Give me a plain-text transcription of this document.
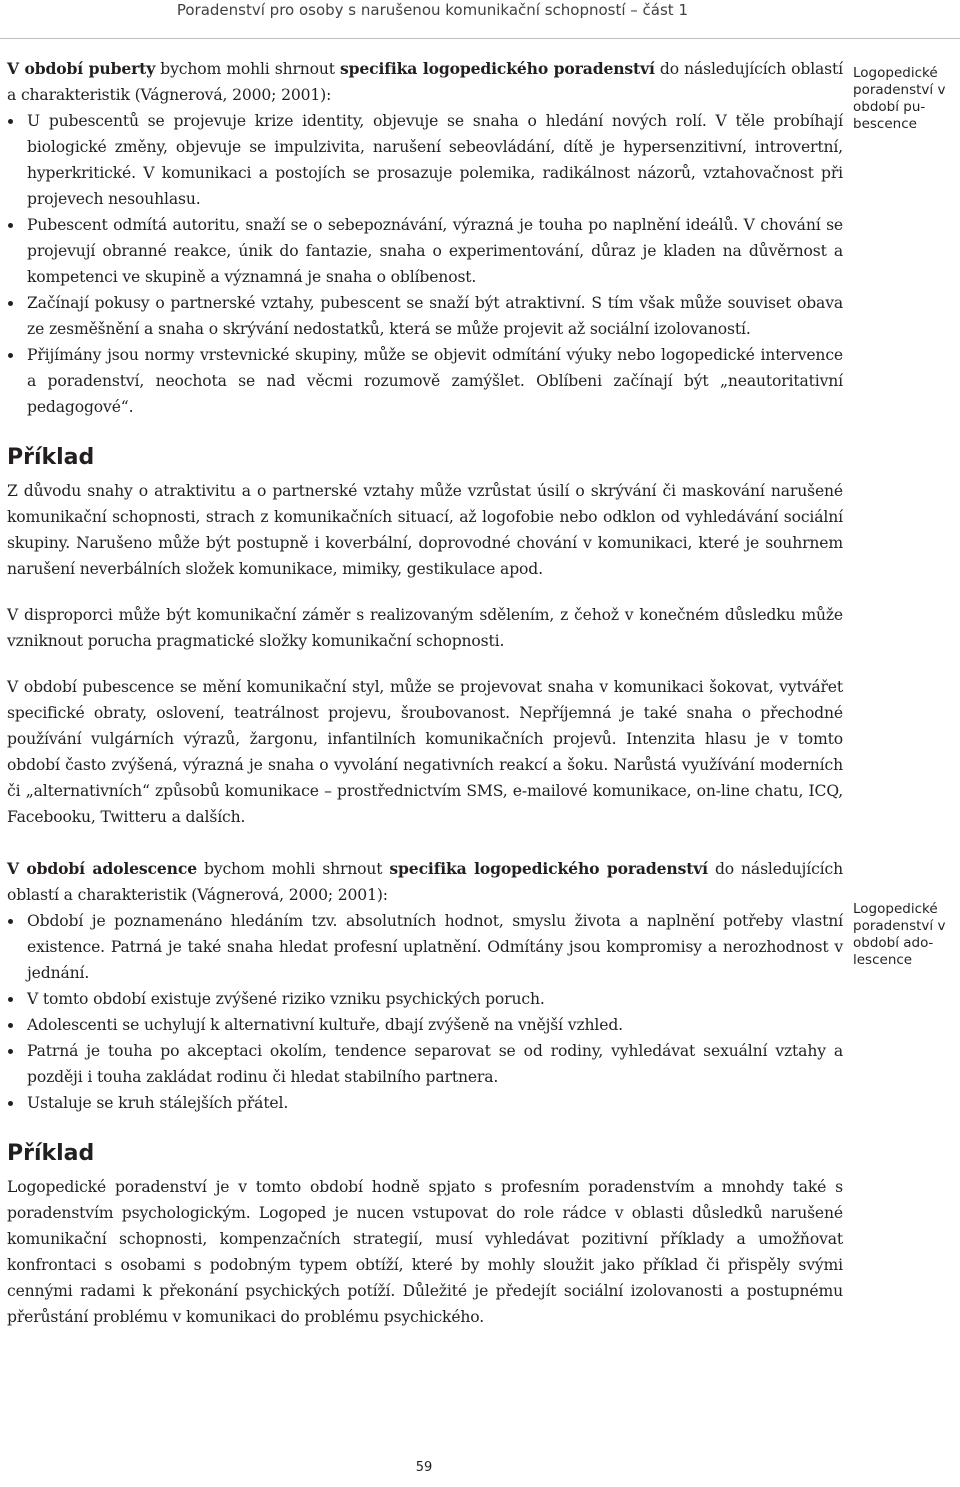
Poradenství pro osoby s narušenou komunikační schopností – část 1
Logopedické poradenství v období pubescence
Logopedické poradenství v období adolescence

V období puberty bychom mohli shrnout specifika logopedického poradenství do následujících oblastí a charakteristik (Vágnerová, 2000; 2001):

U pubescentů se projevuje krize identity, objevuje se snaha o hledání nových rolí. V těle probíhají biologické změny, objevuje se impulzivita, narušení sebeovládání, dítě je hypersenzitivní, introvertní, hyperkritické. V komunikaci a postojích se prosazuje polemika, radikálnost názorů, vztahovačnost při projevech nesouhlasu.
Pubescent odmítá autoritu, snaží se o sebepoznávání, výrazná je touha po naplnění ideálů. V chování se projevují obranné reakce, únik do fantazie, snaha o experimentování, důraz je kladen na důvěrnost a kompetenci ve skupině a významná je snaha o oblíbenost.
Začínají pokusy o partnerské vztahy, pubescent se snaží být atraktivní. S tím však může souviset obava ze zesměšnění a snaha o skrývání nedostatků, která se může projevit až sociální izolovaností.
Přijímány jsou normy vrstevnické skupiny, může se objevit odmítání výuky nebo logopedické intervence a poradenství, neochota se nad věcmi rozumově zamýšlet. Oblíbeni začínají být „neautoritativní pedagogové“.
Příklad

Z důvodu snahy o atraktivitu a o partnerské vztahy může vzrůstat úsilí o skrývání či maskování narušené komunikační schopnosti, strach z komunikačních situací, až logofobie nebo odklon od vyhledávání sociální skupiny. Narušeno může být postupně i koverbální, doprovodné chování v komunikaci, které je souhrnem narušení neverbálních složek komunikace, mimiky, gestikulace apod.

V disproporci může být komunikační záměr s realizovaným sdělením, z čehož v konečném důsledku může vzniknout porucha pragmatické složky komunikační schopnosti.

V období pubescence se mění komunikační styl, může se projevovat snaha v komunikaci šokovat, vytvářet specifické obraty, oslovení, teatrálnost projevu, šroubovanost. Nepříjemná je také snaha o přechodné používání vulgárních výrazů, žargonu, infantilních komunikačních projevů. Intenzita hlasu je v tomto období často zvýšená, výrazná je snaha o vyvolání negativních reakcí a šoku. Narůstá využívání moderních či „alternativních“ způsobů komunikace – prostřednictvím SMS, e-mailové komunikace, on-line chatu, ICQ, Facebooku, Twitteru a dalších.

V období adolescence bychom mohli shrnout specifika logopedického poradenství do následujících oblastí a charakteristik (Vágnerová, 2000; 2001):

Období je poznamenáno hledáním tzv. absolutních hodnot, smyslu života a naplnění potřeby vlastní existence. Patrná je také snaha hledat profesní uplatnění. Odmítány jsou kompromisy a nerozhodnost v jednání.
V tomto období existuje zvýšené riziko vzniku psychických poruch.
Adolescenti se uchylují k alternativní kultuře, dbají zvýšeně na vnější vzhled.
Patrná je touha po akceptaci okolím, tendence separovat se od rodiny, vyhledávat sexuální vztahy a později i touha zakládat rodinu či hledat stabilního partnera.
Ustaluje se kruh stálejších přátel.
Příklad

Logopedické poradenství je v tomto období hodně spjato s profesním poradenstvím a mnohdy také s poradenstvím psychologickým. Logoped je nucen vstupovat do role rádce v oblasti důsledků narušené komunikační schopnosti, kompenzačních strategií, musí vyhledávat pozitivní příklady a umožňovat konfrontaci s osobami s podobným typem obtíží, které by mohly sloužit jako příklad či přispěly svými cennými radami k překonání psychických potíží. Důležité je předejít sociální izolovanosti a postupnému přerůstání problému v komunikaci do problému psychického.

59
